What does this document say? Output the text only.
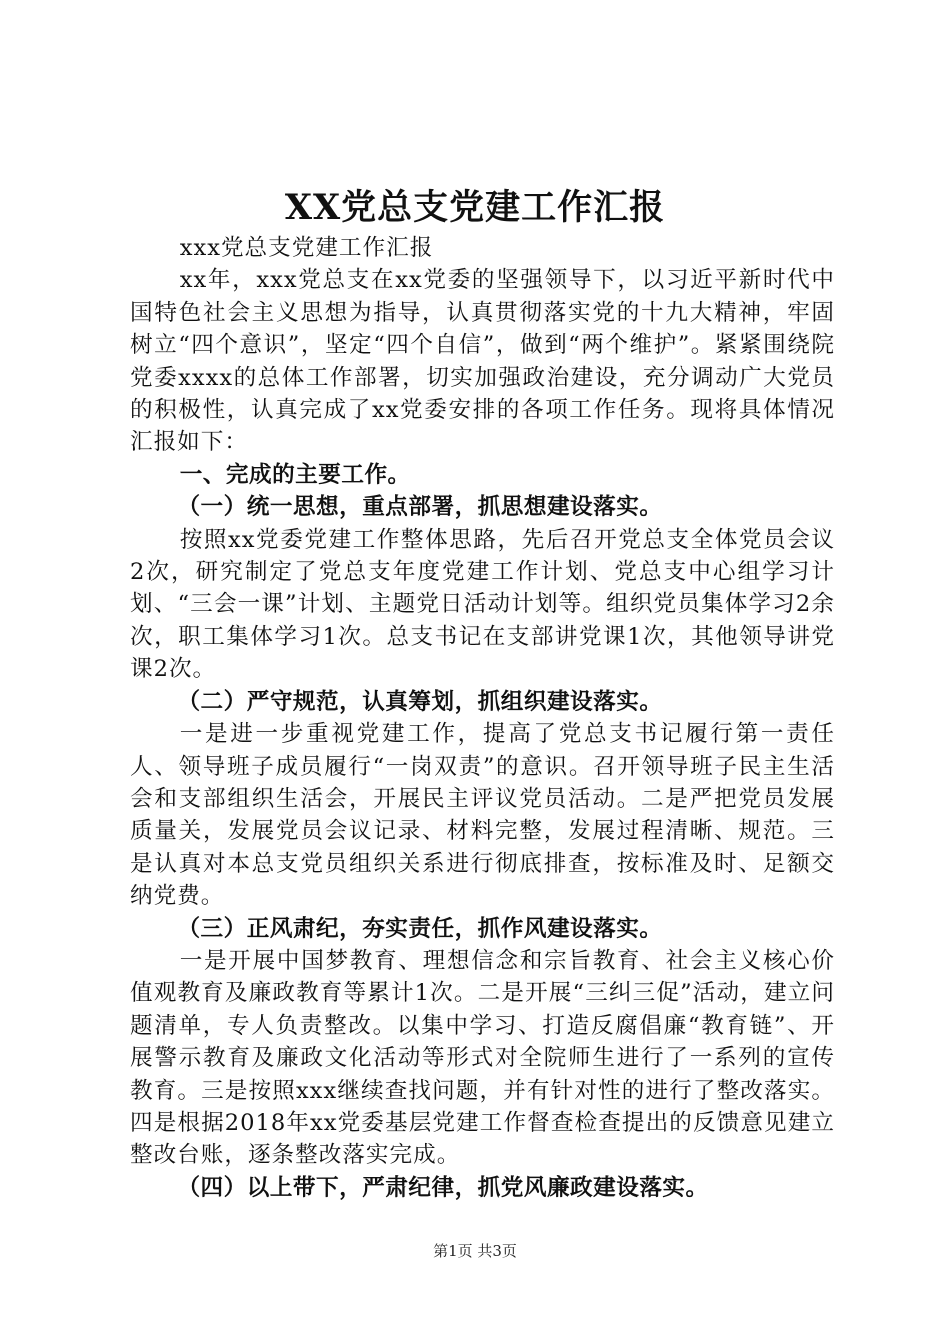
XX党总支党建工作汇报

xxx党总支党建工作汇报

xx年，xxx党总支在xx党委的坚强领导下，以习近平新时代中国特色社会主义思想为指导，认真贯彻落实党的十九大精神，牢固树立“四个意识”，坚定“四个自信”，做到“两个维护”。紧紧围绕院党委xxxx的总体工作部署，切实加强政治建设，充分调动广大党员的积极性，认真完成了xx党委安排的各项工作任务。现将具体情况汇报如下：

一、完成的主要工作。

（一）统一思想，重点部署，抓思想建设落实。

按照xx党委党建工作整体思路，先后召开党总支全体党员会议2次，研究制定了党总支年度党建工作计划、党总支中心组学习计划、“三会一课”计划、主题党日活动计划等。组织党员集体学习2余次，职工集体学习1次。总支书记在支部讲党课1次，其他领导讲党课2次。

（二）严守规范，认真筹划，抓组织建设落实。

一是进一步重视党建工作，提高了党总支书记履行第一责任人、领导班子成员履行“一岗双责”的意识。召开领导班子民主生活会和支部组织生活会，开展民主评议党员活动。二是严把党员发展质量关，发展党员会议记录、材料完整，发展过程清晰、规范。三是认真对本总支党员组织关系进行彻底排查，按标准及时、足额交纳党费。

（三）正风肃纪，夯实责任，抓作风建设落实。

一是开展中国梦教育、理想信念和宗旨教育、社会主义核心价值观教育及廉政教育等累计1次。二是开展“三纠三促”活动，建立问题清单，专人负责整改。以集中学习、打造反腐倡廉“教育链”、开展警示教育及廉政文化活动等形式对全院师生进行了一系列的宣传教育。三是按照xxx继续查找问题，并有针对性的进行了整改落实。四是根据2018年xx党委基层党建工作督查检查提出的反馈意见建立整改台账，逐条整改落实完成。

（四）以上带下，严肃纪律，抓党风廉政建设落实。

第1页 共3页
